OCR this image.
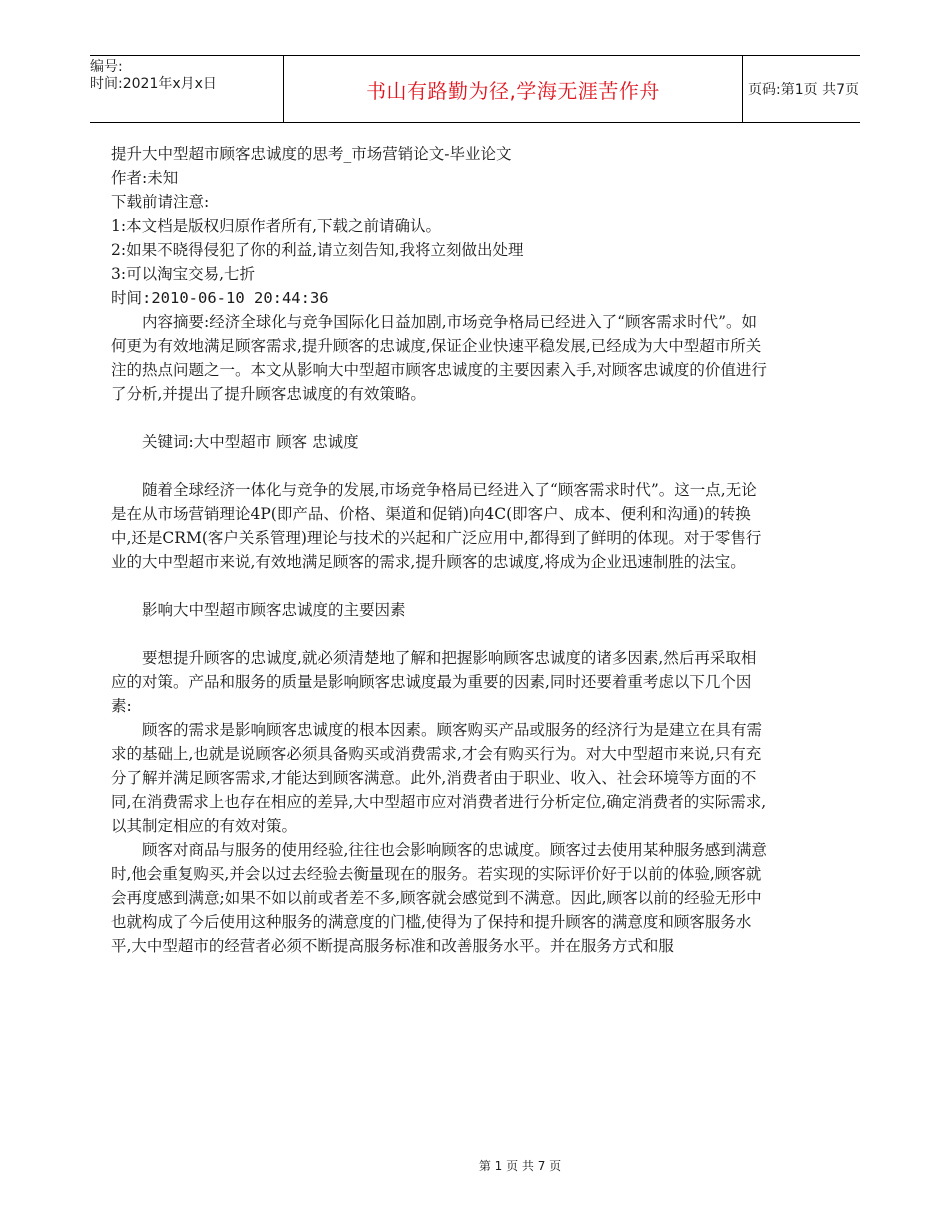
编号:
时间:2021年x月x日	书山有路勤为径,学海无涯苦作舟	页码:第1页 共7页

提升大中型超市顾客忠诚度的思考_市场营销论文-毕业论文

作者:未知

下载前请注意:

1:本文档是版权归原作者所有,下载之前请确认。

2:如果不晓得侵犯了你的利益,请立刻告知,我将立刻做出处理

3:可以淘宝交易,七折

时间:2010-06-10 20:44:36

内容摘要:经济全球化与竞争国际化日益加剧,市场竞争格局已经进入了“顾客需求时代”。如何更为有效地满足顾客需求,提升顾客的忠诚度,保证企业快速平稳发展,已经成为大中型超市所关注的热点问题之一。本文从影响大中型超市顾客忠诚度的主要因素入手,对顾客忠诚度的价值进行了分析,并提出了提升顾客忠诚度的有效策略。

关键词:大中型超市 顾客 忠诚度

随着全球经济一体化与竞争的发展,市场竞争格局已经进入了“顾客需求时代”。这一点,无论是在从市场营销理论4P(即产品、价格、渠道和促销)向4C(即客户、成本、便利和沟通)的转换中,还是CRM(客户关系管理)理论与技术的兴起和广泛应用中,都得到了鲜明的体现。对于零售行业的大中型超市来说,有效地满足顾客的需求,提升顾客的忠诚度,将成为企业迅速制胜的法宝。

影响大中型超市顾客忠诚度的主要因素

要想提升顾客的忠诚度,就必须清楚地了解和把握影响顾客忠诚度的诸多因素,然后再采取相应的对策。产品和服务的质量是影响顾客忠诚度最为重要的因素,同时还要着重考虑以下几个因素:

顾客的需求是影响顾客忠诚度的根本因素。顾客购买产品或服务的经济行为是建立在具有需求的基础上,也就是说顾客必须具备购买或消费需求,才会有购买行为。对大中型超市来说,只有充分了解并满足顾客需求,才能达到顾客满意。此外,消费者由于职业、收入、社会环境等方面的不同,在消费需求上也存在相应的差异,大中型超市应对消费者进行分析定位,确定消费者的实际需求,以其制定相应的有效对策。

顾客对商品与服务的使用经验,往往也会影响顾客的忠诚度。顾客过去使用某种服务感到满意时,他会重复购买,并会以过去经验去衡量现在的服务。若实现的实际评价好于以前的体验,顾客就会再度感到满意;如果不如以前或者差不多,顾客就会感觉到不满意。因此,顾客以前的经验无形中也就构成了今后使用这种服务的满意度的门槛,使得为了保持和提升顾客的满意度和顾客服务水平,大中型超市的经营者必须不断提高服务标准和改善服务水平。并在服务方式和服

第 1 页 共 7 页
